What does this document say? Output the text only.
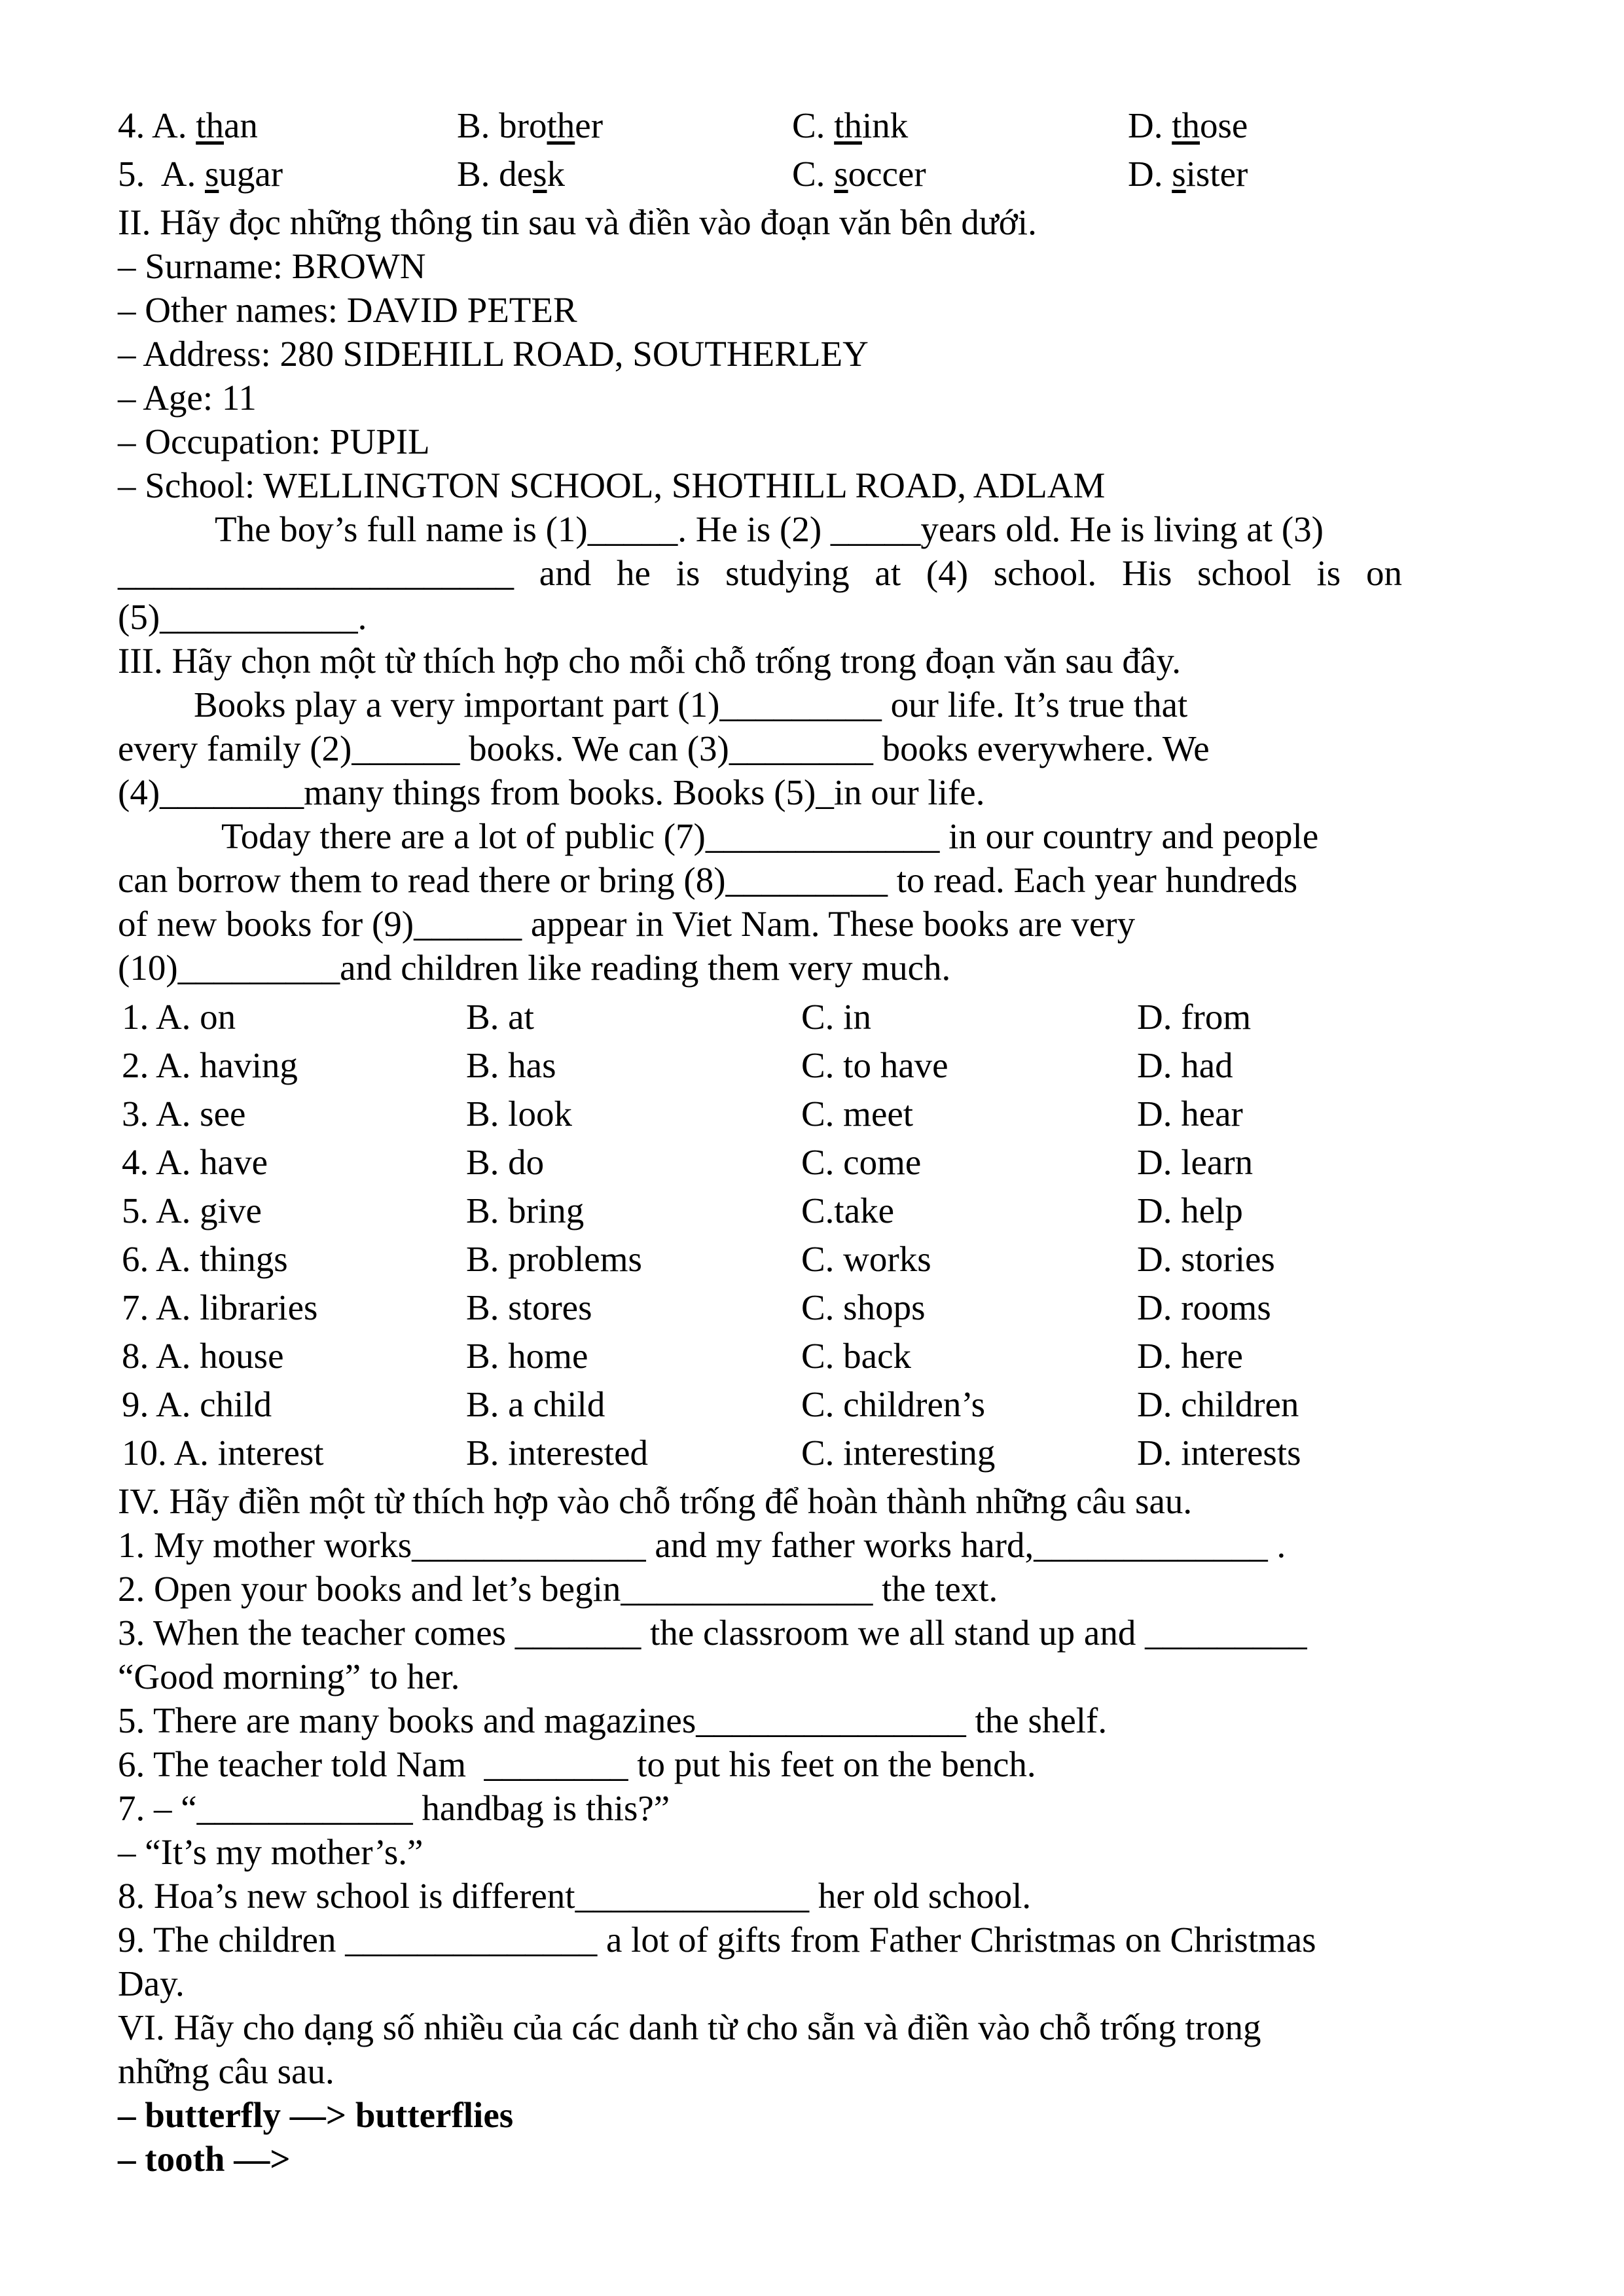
4. A. than	B. brother	C. think	D. those
5.  A. sugar	B. desk	C. soccer	D. sister
II. Hãy đọc những thông tin sau và điền vào đoạn văn bên dưới.
– Surname: BROWN
– Other names: DAVID PETER
– Address: 280 SIDEHILL ROAD, SOUTHERLEY
– Age: 11
– Occupation: PUPIL
– School: WELLINGTON SCHOOL, SHOTHILL ROAD, ADLAM
The boy’s full name is (1)_____. He is (2) _____years old. He is living at (3)
______________________ and he is studying at (4) school. His school is on
(5)___________.
III. Hãy chọn một từ thích hợp cho mỗi chỗ trống trong đoạn văn sau đây.
Books play a very important part (1)_________ our life. It’s true that
every family (2)______ books. We can (3)________ books everywhere. We
(4)________many things from books. Books (5)_in our life.
Today there are a lot of public (7)_____________ in our country and people
can borrow them to read there or bring (8)_________ to read. Each year hundreds
of new books for (9)______ appear in Viet Nam. These books are very
(10)_________and children like reading them very much.
1. A. on	B. at	C. in	D. from
2. A. having	B. has	C. to have	D. had
3. A. see	B. look	C. meet	D. hear
4. A. have	B. do	C. come	D. learn
5. A. give	B. bring	C.take	D. help
6. A. things	B. problems	C. works	D. stories
7. A. libraries	B. stores	C. shops	D. rooms
8. A. house	B. home	C. back	D. here
9. A. child	B. a child	C. children’s	D. children
10. A. interest	B. interested	C. interesting	D. interests
IV. Hãy điền một từ thích hợp vào chỗ trống để hoàn thành những câu sau.
1. My mother works_____________ and my father works hard,_____________ .
2. Open your books and let’s begin______________ the text.
3. When the teacher comes _______ the classroom we all stand up and _________
“Good morning” to her.
5. There are many books and magazines_______________ the shelf.
6. The teacher told Nam  ________ to put his feet on the bench.
7. – “____________ handbag is this?”
– “It’s my mother’s.”
8. Hoa’s new school is different_____________ her old school.
9. The children ______________ a lot of gifts from Father Christmas on Christmas
Day.
VI. Hãy cho dạng số nhiều của các danh từ cho sẵn và điền vào chỗ trống trong
những câu sau.
– butterfly —> butterflies
– tooth —>
